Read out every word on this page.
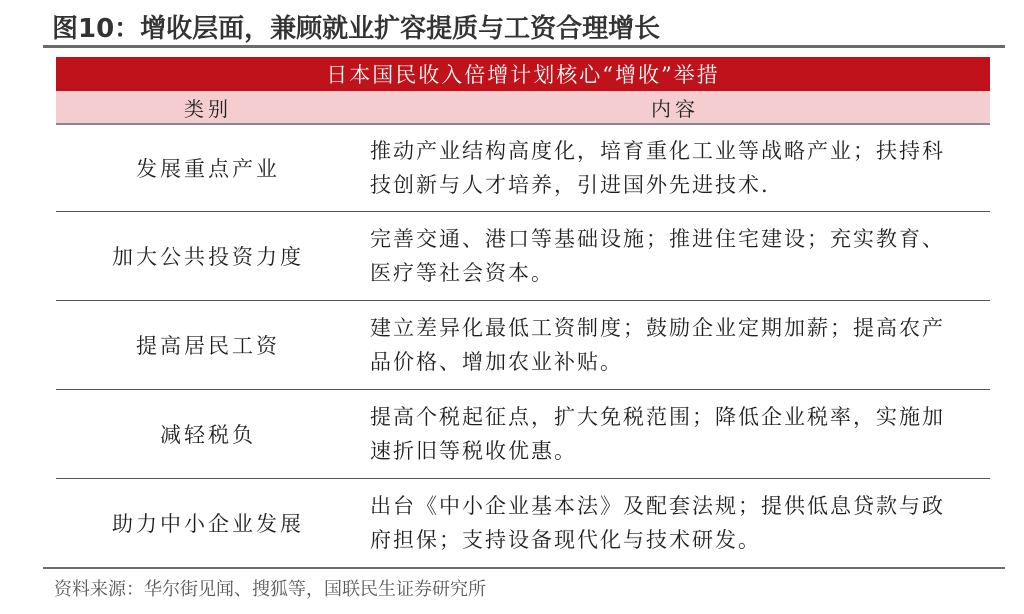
图10：增收层面，兼顾就业扩容提质与工资合理增长
日本国民收入倍增计划核心“增收”举措
类别	内容
发展重点产业
推动产业结构高度化，培育重化工业等战略产业；扶持科技创新与人才培养，引进国外先进技术.
加大公共投资力度
完善交通、港口等基础设施；推进住宅建设；充实教育、医疗等社会资本。
提高居民工资
建立差异化最低工资制度；鼓励企业定期加薪；提高农产品价格、增加农业补贴。
减轻税负
提高个税起征点，扩大免税范围；降低企业税率，实施加速折旧等税收优惠。
助力中小企业发展
出台《中小企业基本法》及配套法规；提供低息贷款与政府担保；支持设备现代化与技术研发。
资料来源：华尔街见闻、搜狐等，国联民生证券研究所
